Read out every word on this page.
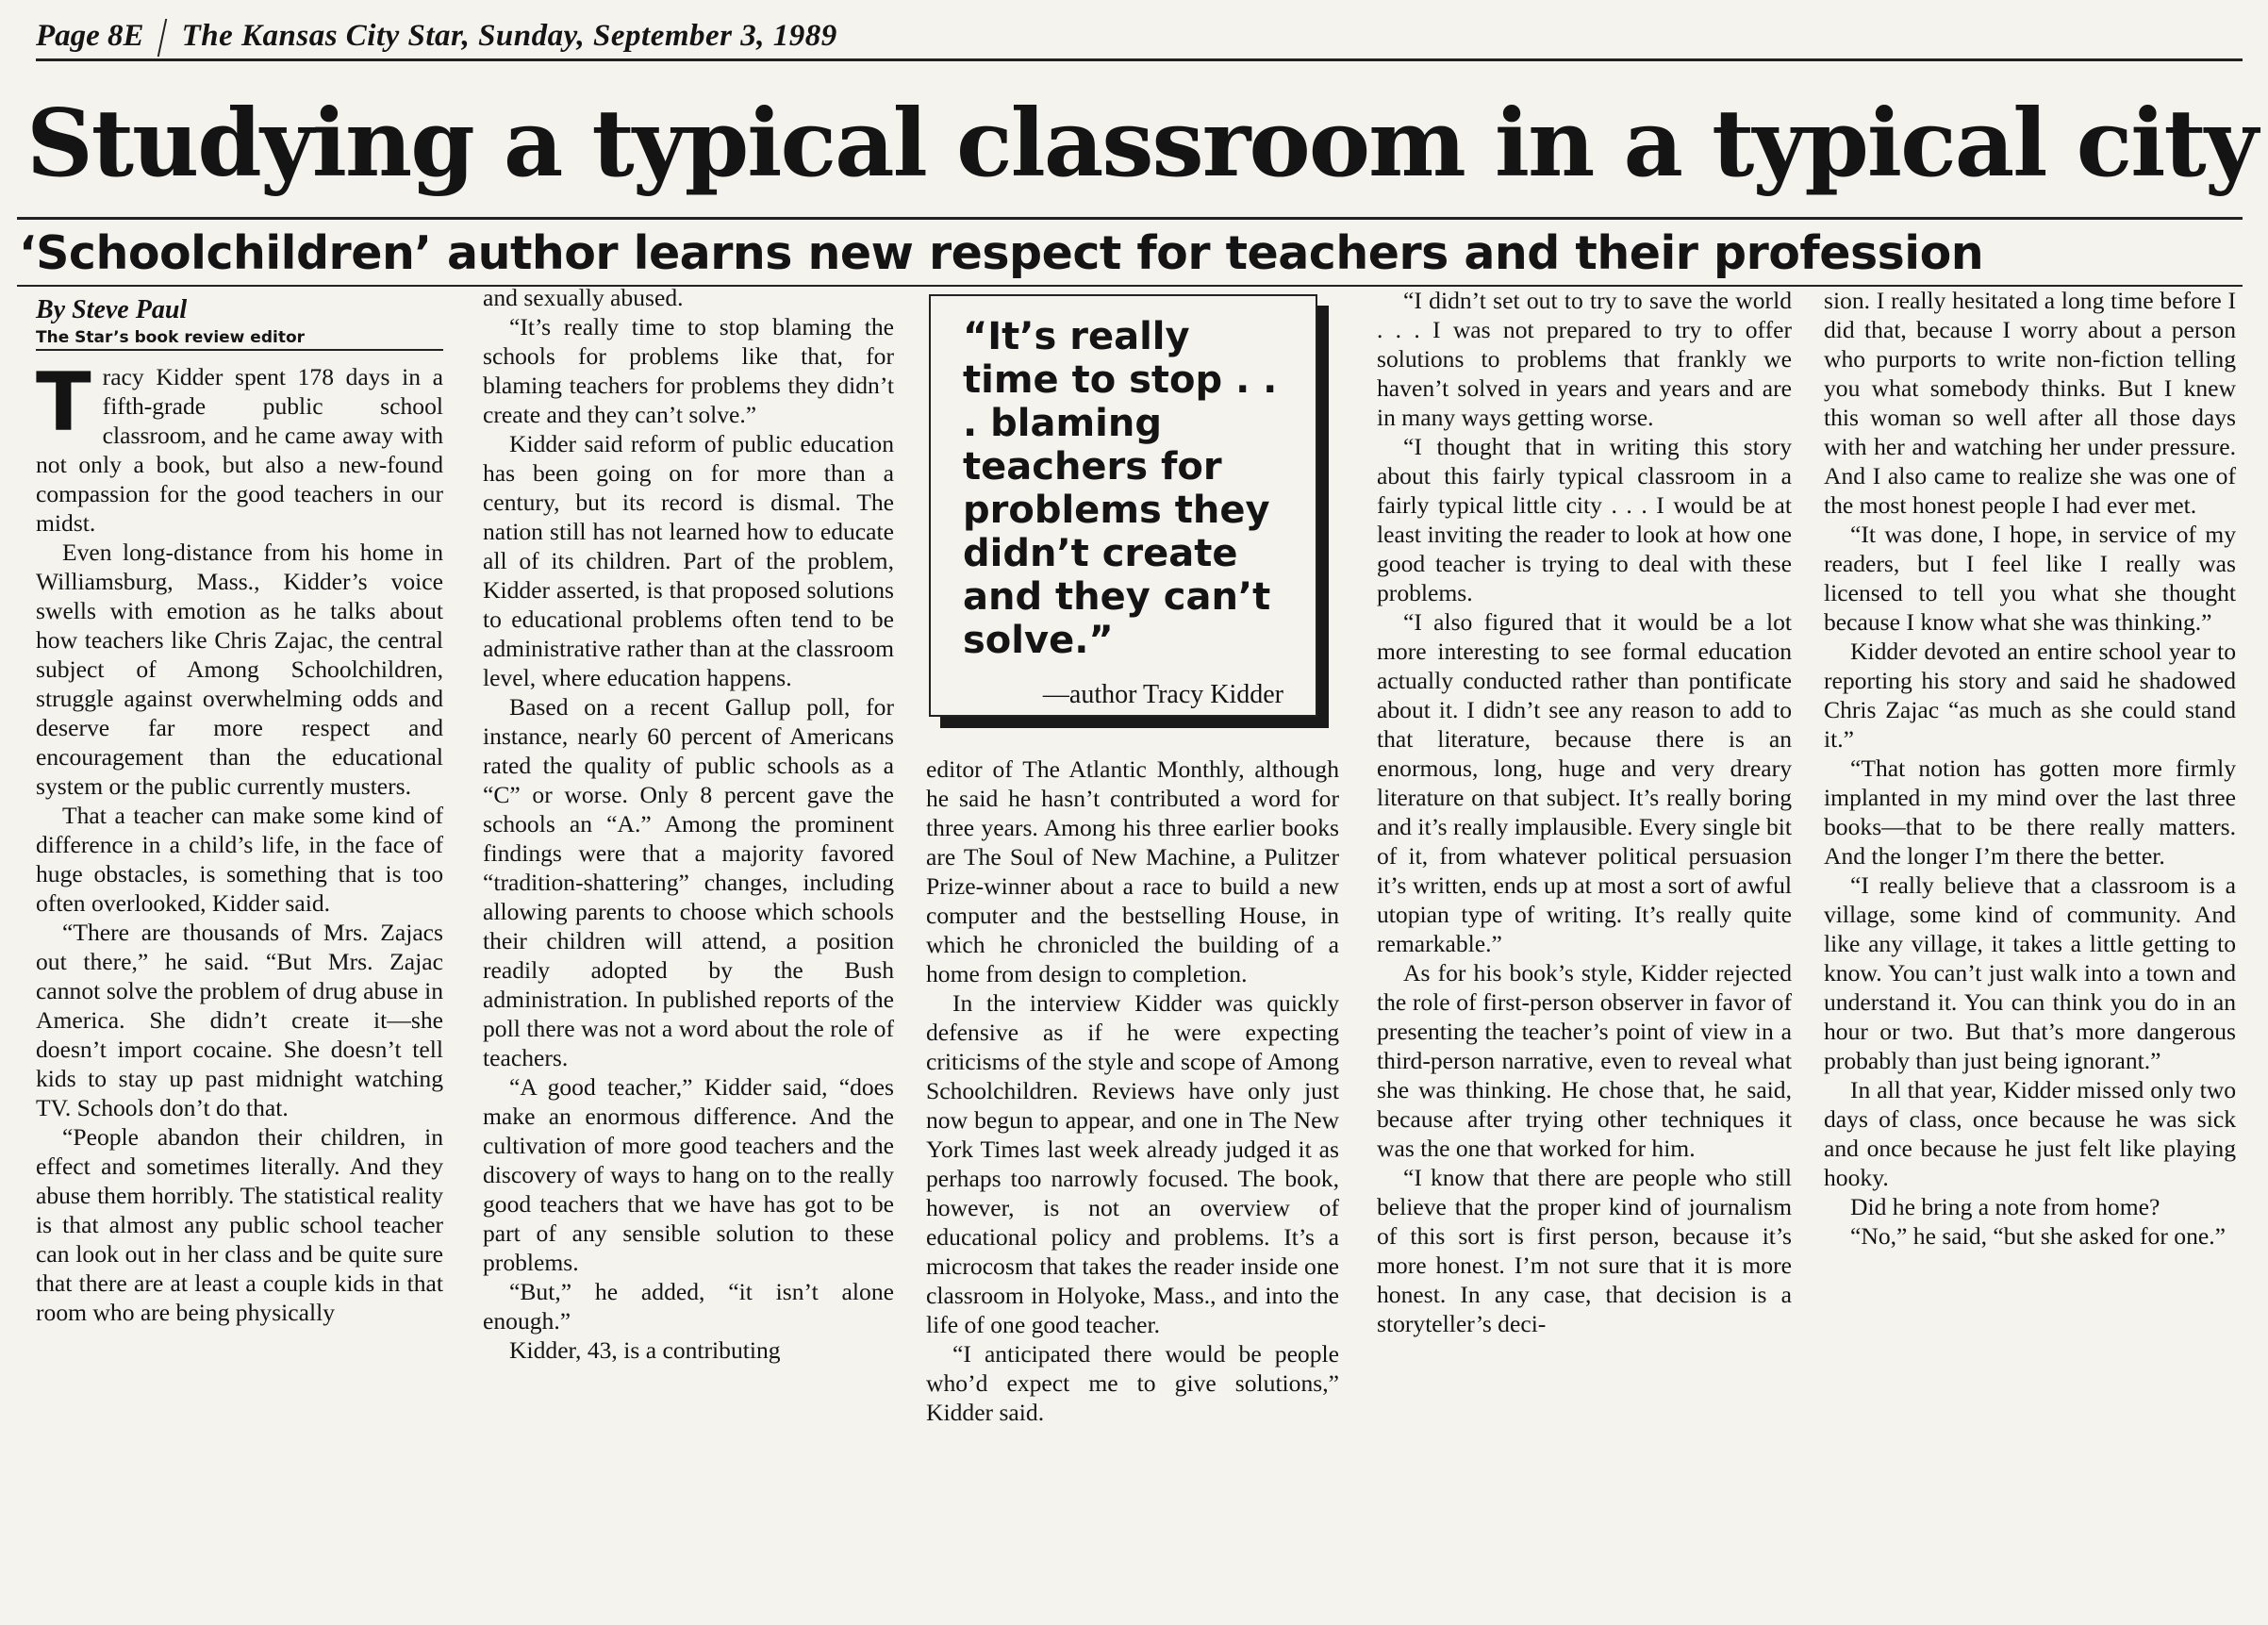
Page 8E The Kansas City Star, Sunday, September 3, 1989
Studying a typical classroom in a typical city
‘Schoolchildren’ author learns new respect for teachers and their profession

By Steve Paul

The Star’s book review editor

Tracy Kidder spent 178 days in a fifth-grade public school classroom, and he came away with not only a book, but also a new-found compassion for the good teachers in our midst.

Even long-distance from his home in Williamsburg, Mass., Kidder’s voice swells with emotion as he talks about how teachers like Chris Zajac, the central subject of Among Schoolchildren, struggle against overwhelming odds and deserve far more respect and encouragement than the educational system or the public currently musters.

That a teacher can make some kind of difference in a child’s life, in the face of huge obstacles, is something that is too often overlooked, Kidder said.

“There are thousands of Mrs. Zajacs out there,” he said. “But Mrs. Zajac cannot solve the problem of drug abuse in America. She didn’t create it—she doesn’t import cocaine. She doesn’t tell kids to stay up past midnight watching TV. Schools don’t do that.

“People abandon their children, in effect and sometimes literally. And they abuse them horribly. The statistical reality is that almost any public school teacher can look out in her class and be quite sure that there are at least a couple kids in that room who are being physically

and sexually abused.

“It’s really time to stop blaming the schools for problems like that, for blaming teachers for problems they didn’t create and they can’t solve.”

Kidder said reform of public education has been going on for more than a century, but its record is dismal. The nation still has not learned how to educate all of its children. Part of the problem, Kidder asserted, is that proposed solutions to educational problems often tend to be administrative rather than at the classroom level, where education happens.

Based on a recent Gallup poll, for instance, nearly 60 percent of Americans rated the quality of public schools as a “C” or worse. Only 8 percent gave the schools an “A.” Among the prominent findings were that a majority favored “tradition-shattering” changes, including allowing parents to choose which schools their children will attend, a position readily adopted by the Bush administration. In published reports of the poll there was not a word about the role of teachers.

“A good teacher,” Kidder said, “does make an enormous difference. And the cultivation of more good teachers and the discovery of ways to hang on to the really good teachers that we have has got to be part of any sensible solution to these problems.

“But,” he added, “it isn’t alone enough.”

Kidder, 43, is a contributing

“It’s really time to stop . . . blaming teachers for problems they didn’t create and they can’t solve.”

—author Tracy Kidder

editor of The Atlantic Monthly, although he said he hasn’t contributed a word for three years. Among his three earlier books are The Soul of New Machine, a Pulitzer Prize-winner about a race to build a new computer and the bestselling House, in which he chronicled the building of a home from design to completion.

In the interview Kidder was quickly defensive as if he were expecting criticisms of the style and scope of Among Schoolchildren. Reviews have only just now begun to appear, and one in The New York Times last week already judged it as perhaps too narrowly focused. The book, however, is not an overview of educational policy and problems. It’s a microcosm that takes the reader inside one classroom in Holyoke, Mass., and into the life of one good teacher.

“I anticipated there would be people who’d expect me to give solutions,” Kidder said.

“I didn’t set out to try to save the world . . . I was not prepared to try to offer solutions to problems that frankly we haven’t solved in years and years and are in many ways getting worse.

“I thought that in writing this story about this fairly typical classroom in a fairly typical little city . . . I would be at least inviting the reader to look at how one good teacher is trying to deal with these problems.

“I also figured that it would be a lot more interesting to see formal education actually conducted rather than pontificate about it. I didn’t see any reason to add to that literature, because there is an enormous, long, huge and very dreary literature on that subject. It’s really boring and it’s really implausible. Every single bit of it, from whatever political persuasion it’s written, ends up at most a sort of awful utopian type of writing. It’s really quite remarkable.”

As for his book’s style, Kidder rejected the role of first-person observer in favor of presenting the teacher’s point of view in a third-person narrative, even to reveal what she was thinking. He chose that, he said, because after trying other techniques it was the one that worked for him.

“I know that there are people who still believe that the proper kind of journalism of this sort is first person, because it’s more honest. I’m not sure that it is more honest. In any case, that decision is a storyteller’s deci-

sion. I really hesitated a long time before I did that, because I worry about a person who purports to write non-fiction telling you what somebody thinks. But I knew this woman so well after all those days with her and watching her under pressure. And I also came to realize she was one of the most honest people I had ever met.

“It was done, I hope, in service of my readers, but I feel like I really was licensed to tell you what she thought because I know what she was thinking.”

Kidder devoted an entire school year to reporting his story and said he shadowed Chris Zajac “as much as she could stand it.”

“That notion has gotten more firmly implanted in my mind over the last three books—that to be there really matters. And the longer I’m there the better.

“I really believe that a classroom is a village, some kind of community. And like any village, it takes a little getting to know. You can’t just walk into a town and understand it. You can think you do in an hour or two. But that’s more dangerous probably than just being ignorant.”

In all that year, Kidder missed only two days of class, once because he was sick and once because he just felt like playing hooky.

Did he bring a note from home?

“No,” he said, “but she asked for one.”
